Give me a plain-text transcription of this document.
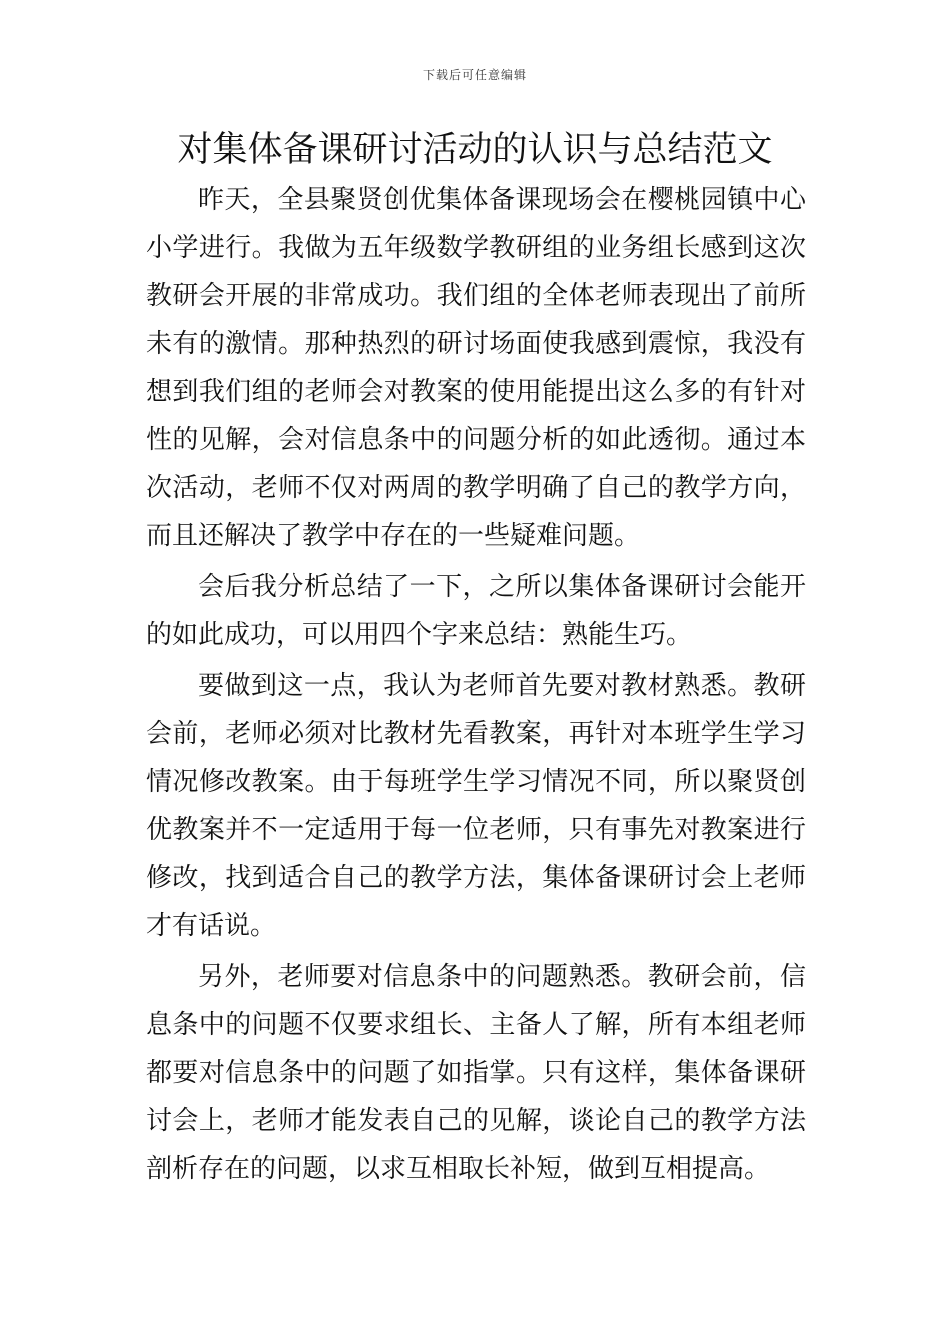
下载后可任意编辑
对集体备课研讨活动的认识与总结范文

昨天，全县聚贤创优集体备课现场会在樱桃园镇中心小学进行。我做为五年级数学教研组的业务组长感到这次教研会开展的非常成功。我们组的全体老师表现出了前所未有的激情。那种热烈的研讨场面使我感到震惊，我没有想到我们组的老师会对教案的使用能提出这么多的有针对性的见解，会对信息条中的问题分析的如此透彻。通过本次活动，老师不仅对两周的教学明确了自己的教学方向，而且还解决了教学中存在的一些疑难问题。

会后我分析总结了一下，之所以集体备课研讨会能开的如此成功，可以用四个字来总结：熟能生巧。

要做到这一点，我认为老师首先要对教材熟悉。教研会前，老师必须对比教材先看教案，再针对本班学生学习情况修改教案。由于每班学生学习情况不同，所以聚贤创优教案并不一定适用于每一位老师，只有事先对教案进行修改，找到适合自己的教学方法，集体备课研讨会上老师才有话说。

另外，老师要对信息条中的问题熟悉。教研会前，信息条中的问题不仅要求组长、主备人了解，所有本组老师都要对信息条中的问题了如指掌。只有这样，集体备课研讨会上，老师才能发表自己的见解，谈论自己的教学方法剖析存在的问题，以求互相取长补短，做到互相提高。
